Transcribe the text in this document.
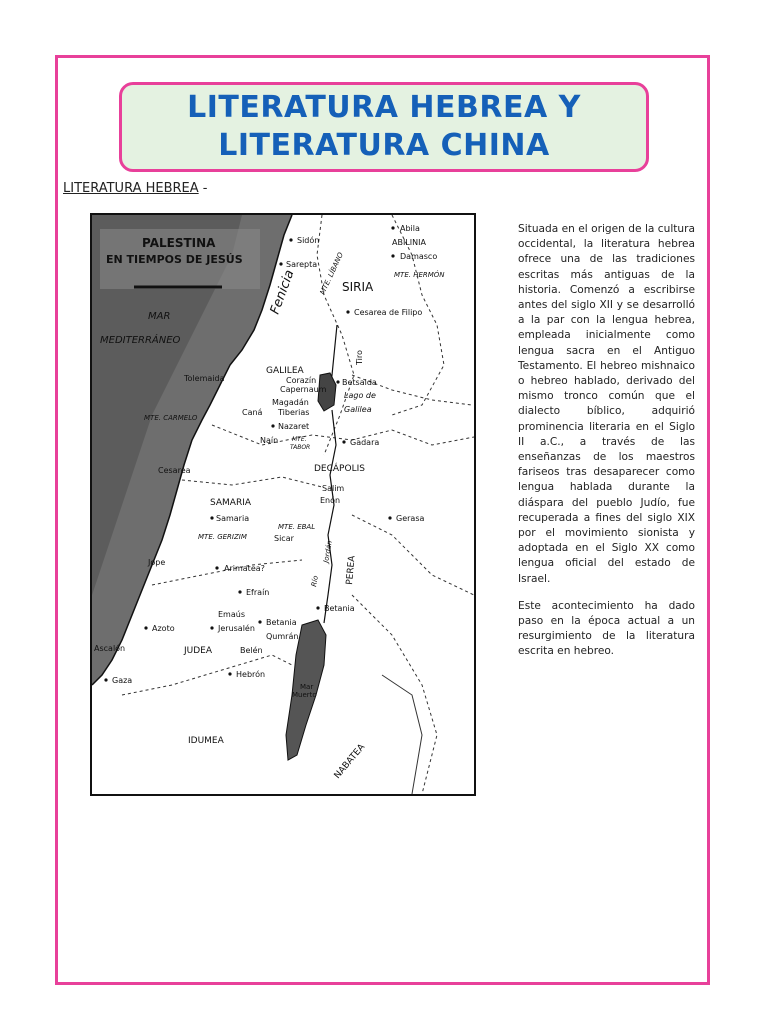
LITERATURA HEBREA Y
LITERATURA CHINA
LITERATURA HEBREA -
PALESTINA
EN TIEMPOS DE JESÚS
MAR
MEDITERRÁNEO
Abila
ABILINIA
Damasco
Sidón
Sarepta MTE. LÍBANO	MTE. HERMÓN
Fenicia	SIRIA
Cesarea de Filipo
Tiro
GALILEA
Corazín
Capernaum
Betsaida
Lago de
Galilea
Tolemaida
Magadán
Tiberias
Caná
MTE. CARMELO
Nazaret
Naín MTE.
TABOR
Gadara
DECÁPOLIS
Cesarea
Salim
Enón
SAMARIA
Samaria
MTE. EBAL
MTE. GERIZIM	Sicar
Gerasa
Jope
Arimatea?
Río
Jordán
PEREA
Efraín
Emaús
Betania
Betania
Jerusalén
Qumrán
Belén
Azoto
Ascalón	JUDEA
Hebrón
Gaza
Mar
Muerto
IDUMEA
NABATEA

Situada en el origen de la cultura occidental, la literatura hebrea ofrece una de las tradiciones escritas más antiguas de la historia. Comenzó a escribirse antes del siglo XII y se desarrolló a la par con la lengua hebrea, empleada inicialmente como lengua sacra en el Antiguo Testamento. El hebreo mishnaico o hebreo hablado, derivado del mismo tronco común que el dialecto bíblico, adquirió prominencia literaria en el Siglo II a.C., a través de las enseñanzas de los maestros fariseos tras desaparecer como lengua hablada durante la diáspara del pueblo Judío, fue recuperada a fines del siglo XIX por el movimiento sionista y adoptada en el Siglo XX como lengua oficial del estado de Israel.

Este acontecimiento ha dado paso en la época actual a un resurgimiento de la literatura escrita en hebreo.
